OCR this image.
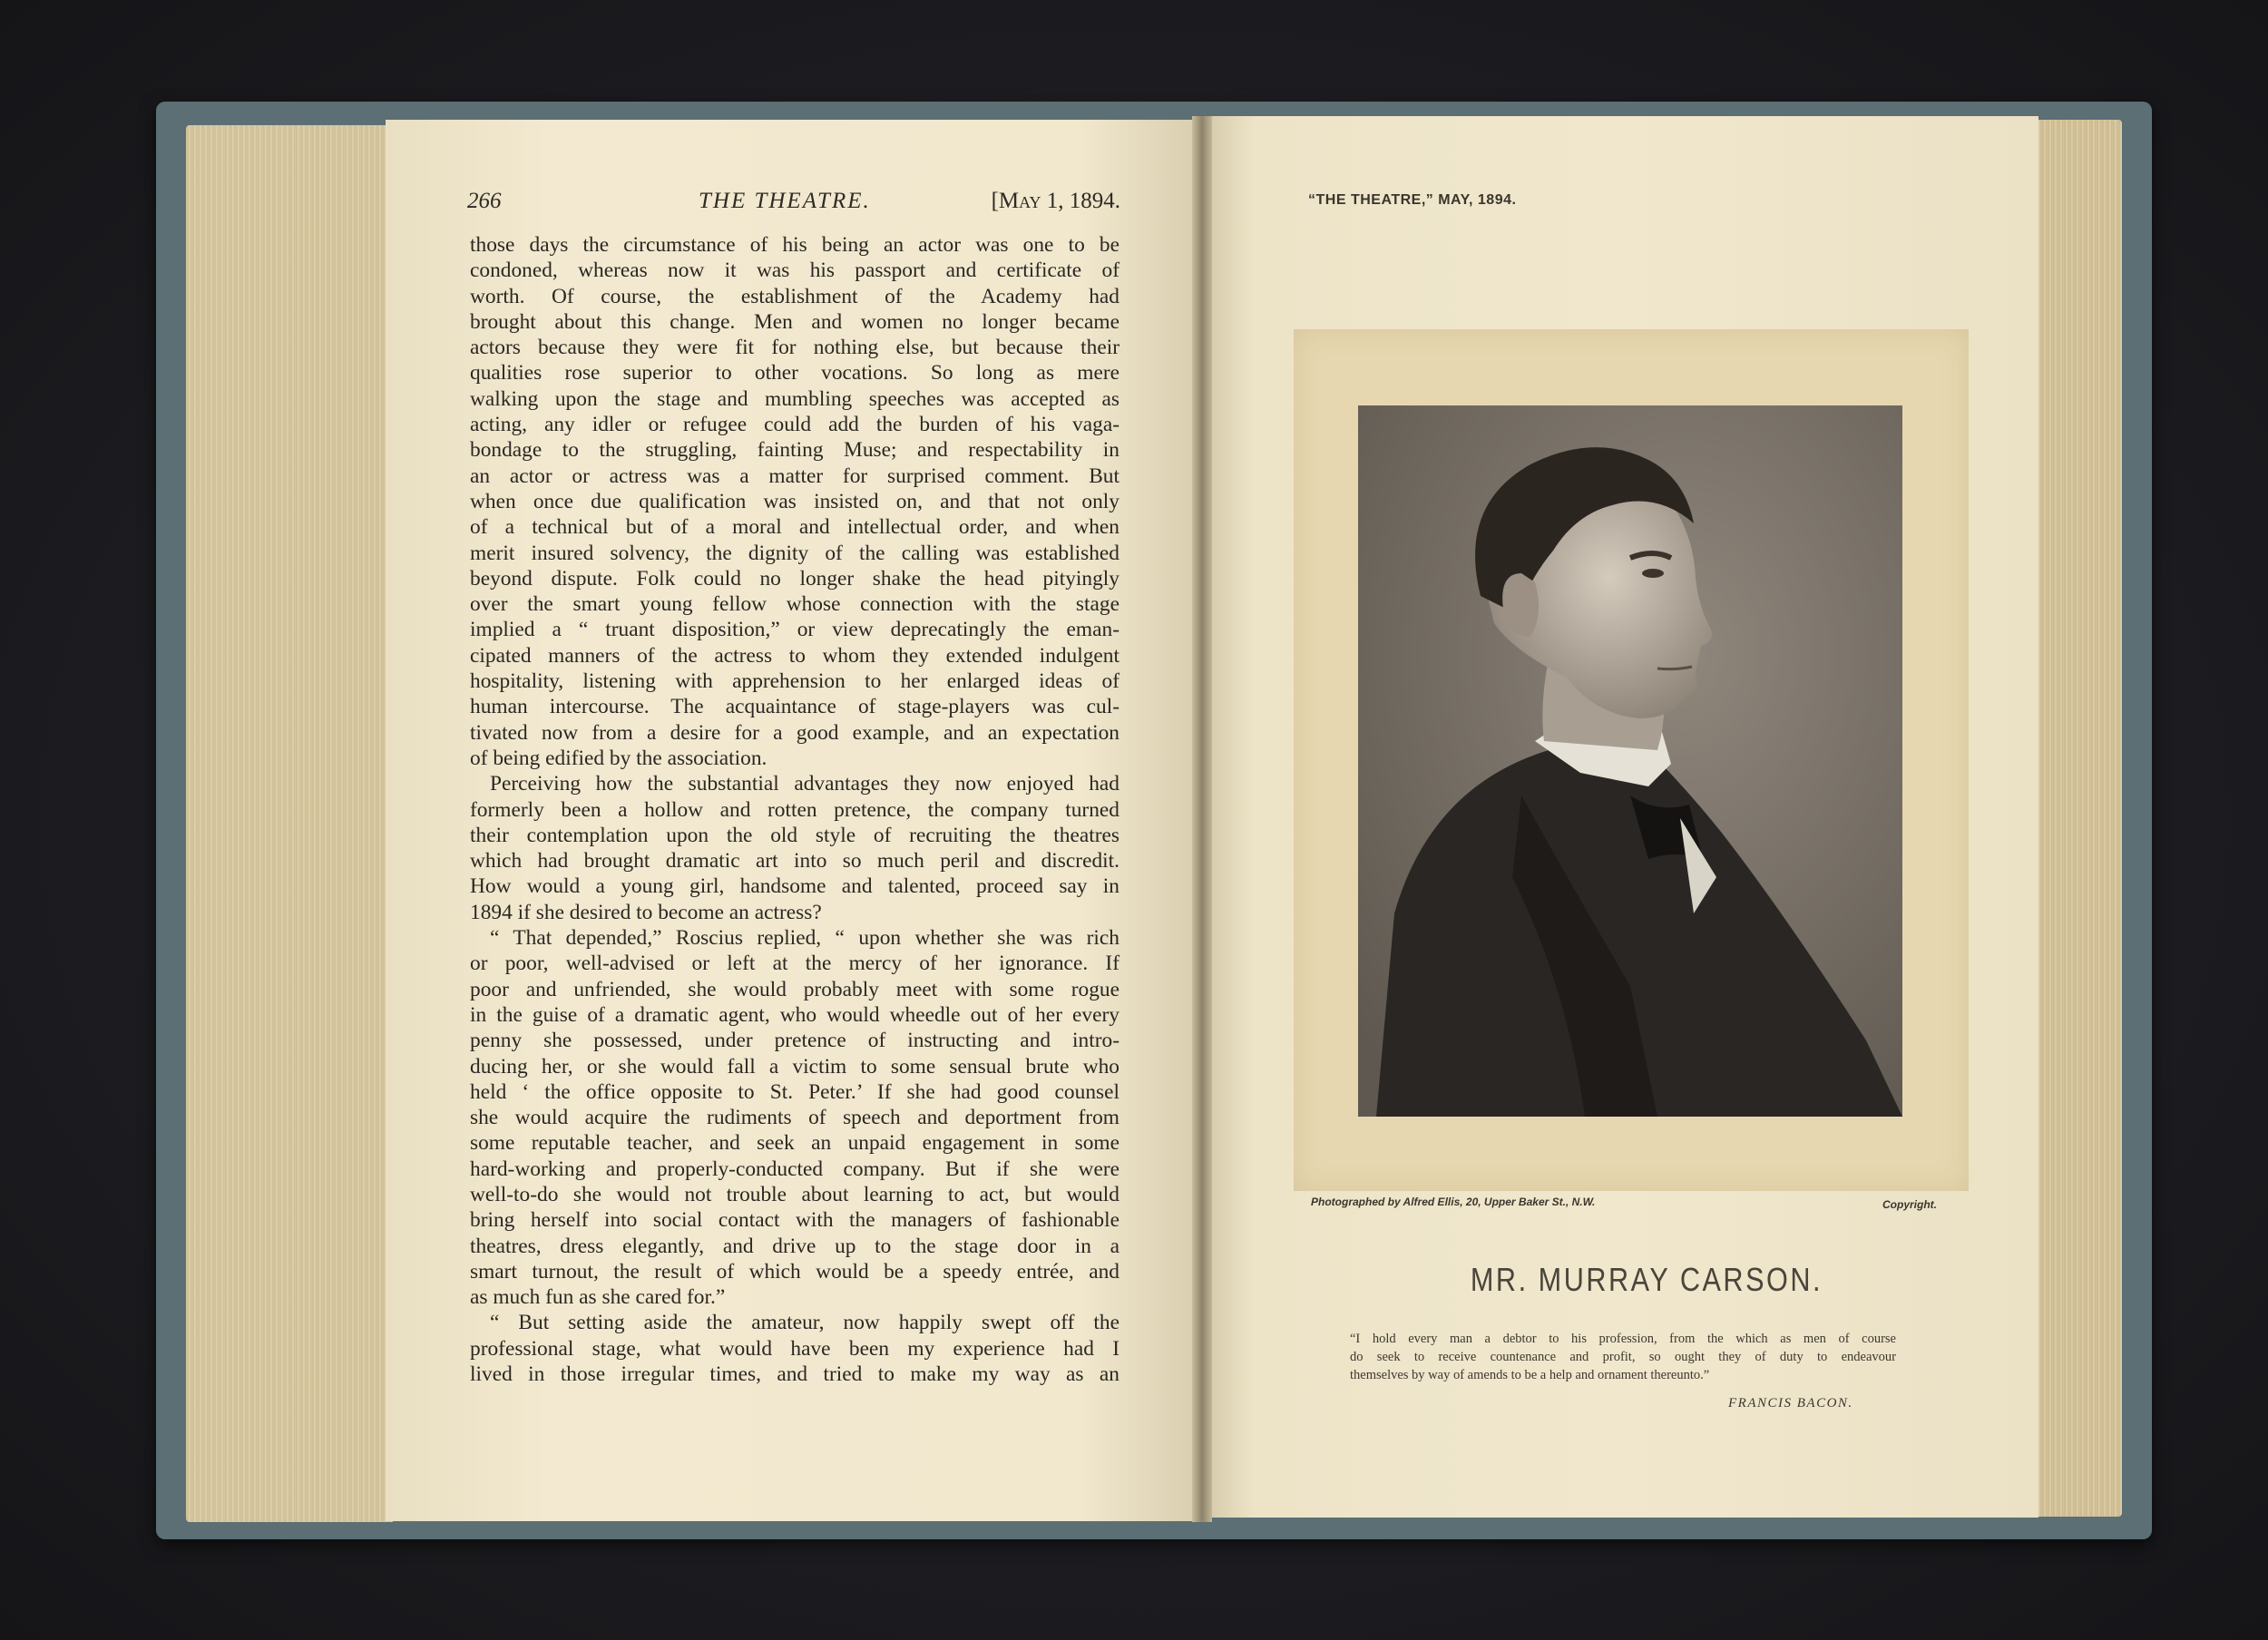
266	THE THEATRE.	[May 1, 1894.
those days the circumstance of his being an actor was one to be
condoned, whereas now it was his passport and certificate of
worth. Of course, the establishment of the Academy had
brought about this change. Men and women no longer became
actors because they were fit for nothing else, but because their
qualities rose superior to other vocations. So long as mere
walking upon the stage and mumbling speeches was accepted as
acting, any idler or refugee could add the burden of his vaga-
bondage to the struggling, fainting Muse; and respectability in
an actor or actress was a matter for surprised comment. But
when once due qualification was insisted on, and that not only
of a technical but of a moral and intellectual order, and when
merit insured solvency, the dignity of the calling was established
beyond dispute. Folk could no longer shake the head pityingly
over the smart young fellow whose connection with the stage
implied a “ truant disposition,” or view deprecatingly the eman-
cipated manners of the actress to whom they extended indulgent
hospitality, listening with apprehension to her enlarged ideas of
human intercourse. The acquaintance of stage-players was cul-
tivated now from a desire for a good example, and an expectation
of being edified by the association.
Perceiving how the substantial advantages they now enjoyed had
formerly been a hollow and rotten pretence, the company turned
their contemplation upon the old style of recruiting the theatres
which had brought dramatic art into so much peril and discredit.
How would a young girl, handsome and talented, proceed say in
1894 if she desired to become an actress?
“ That depended,” Roscius replied, “ upon whether she was rich
or poor, well-advised or left at the mercy of her ignorance. If
poor and unfriended, she would probably meet with some rogue
in the guise of a dramatic agent, who would wheedle out of her every
penny she possessed, under pretence of instructing and intro-
ducing her, or she would fall a victim to some sensual brute who
held ‘ the office opposite to St. Peter.’ If she had good counsel
she would acquire the rudiments of speech and deportment from
some reputable teacher, and seek an unpaid engagement in some
hard-working and properly-conducted company. But if she were
well-to-do she would not trouble about learning to act, but would
bring herself into social contact with the managers of fashionable
theatres, dress elegantly, and drive up to the stage door in a
smart turnout, the result of which would be a speedy entrée, and
as much fun as she cared for.”
“ But setting aside the amateur, now happily swept off the
professional stage, what would have been my experience had I
lived in those irregular times, and tried to make my way as an
“THE THEATRE,” MAY, 1894.
Photographed by Alfred Ellis, 20, Upper Baker St., N.W.	Copyright.
MR. MURRAY CARSON.
“I hold every man a debtor to his profession, from the which as men of course
do seek to receive countenance and profit, so ought they of duty to endeavour
themselves by way of amends to be a help and ornament thereunto.”
FRANCIS BACON.
